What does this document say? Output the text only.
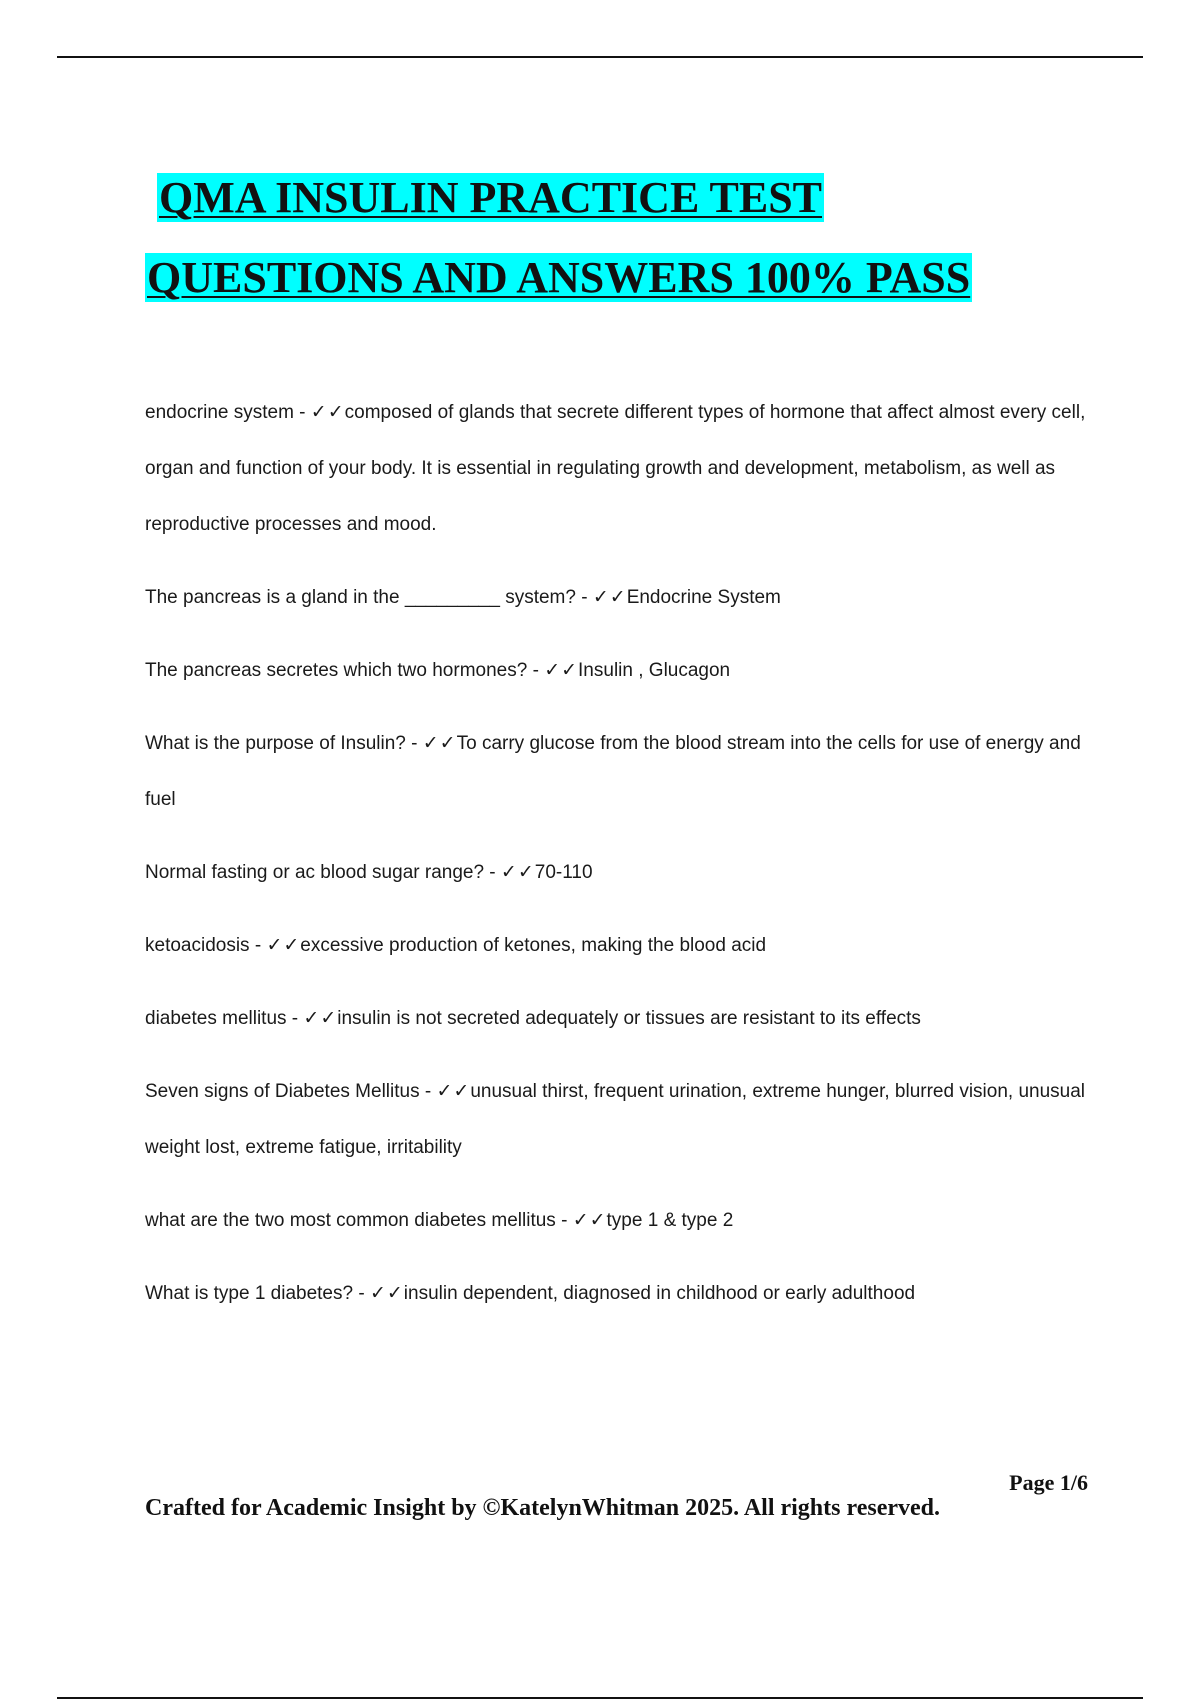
QMA INSULIN PRACTICE TEST
QUESTIONS AND ANSWERS 100% PASS
endocrine system - ✓✓composed of glands that secrete different types of hormone that affect almost every cell, organ and function of your body. It is essential in regulating growth and development, metabolism, as well as reproductive processes and mood.
The pancreas is a gland in the _________ system? - ✓✓Endocrine System
The pancreas secretes which two hormones? - ✓✓Insulin , Glucagon
What is the purpose of Insulin? - ✓✓To carry glucose from the blood stream into the cells for use of energy and fuel
Normal fasting or ac blood sugar range? - ✓✓70-110
ketoacidosis - ✓✓excessive production of ketones, making the blood acid
diabetes mellitus - ✓✓insulin is not secreted adequately or tissues are resistant to its effects
Seven signs of Diabetes Mellitus - ✓✓unusual thirst, frequent urination, extreme hunger, blurred vision, unusual weight lost, extreme fatigue, irritability
what are the two most common diabetes mellitus - ✓✓type 1 & type 2
What is type 1 diabetes? - ✓✓insulin dependent, diagnosed in childhood or early adulthood
Page 1/6
Crafted for Academic Insight by ©KatelynWhitman 2025. All rights reserved.
